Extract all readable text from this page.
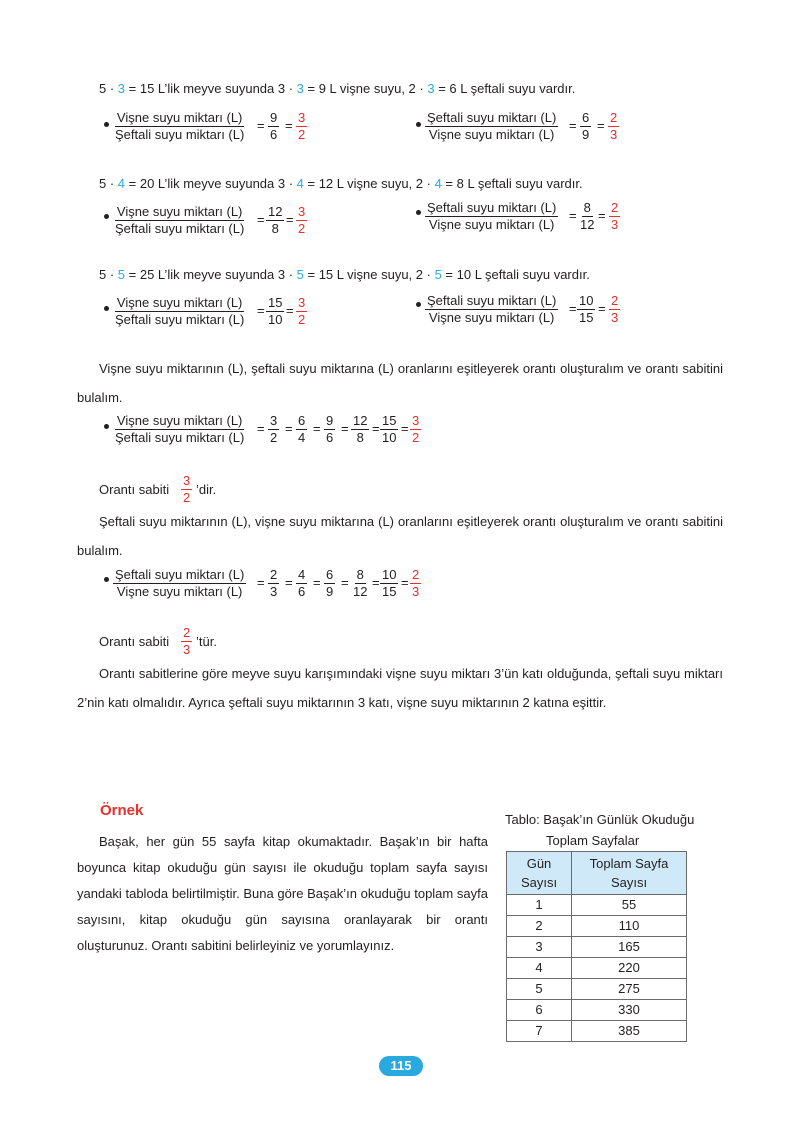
5 · 3 = 15 L’lik meyve suyunda 3 · 3 = 9 L vişne suyu, 2 · 3 = 6 L şeftali suyu vardır.
Vişne suyu miktarı (L)
Şeftali suyu miktarı (L)
= $\frac{9}{6} = \frac{3}{2}$	Şeftali suyu miktarı (L)
Vişne suyu miktarı (L)
= $\frac{6}{9} = \frac{2}{3}$
5 · 4 = 20 L’lik meyve suyunda 3 · 4 = 12 L vişne suyu, 2 · 4 = 8 L şeftali suyu vardır.
Vişne suyu miktarı (L)
Şeftali suyu miktarı (L)
= $\frac{12}{8} = \frac{3}{2}$	Şeftali suyu miktarı (L)
Vişne suyu miktarı (L)
= $\frac{8}{12} = \frac{2}{3}$
5 · 5 = 25 L’lik meyve suyunda 3 · 5 = 15 L vişne suyu, 2 · 5 = 10 L şeftali suyu vardır.
Vişne suyu miktarı (L)
Şeftali suyu miktarı (L)
= $\frac{15}{10} = \frac{3}{2}$	Şeftali suyu miktarı (L)
Vişne suyu miktarı (L)
= $\frac{10}{15} = \frac{2}{3}$
Vişne suyu miktarının (L), şeftali suyu miktarına (L) oranlarını eşitleyerek orantı oluşturalım ve orantı sabitini bulalım.
Vişne suyu miktarı (L)
Şeftali suyu miktarı (L)
= $\frac{3}{2} = \frac{6}{4} = \frac{9}{6} = \frac{12}{8} = \frac{15}{10} = \frac{3}{2}$
Orantı sabiti $\frac{3}{2}$ ’dir.
Şeftali suyu miktarının (L), vişne suyu miktarına (L) oranlarını eşitleyerek orantı oluşturalım ve orantı sabitini bulalım.
Şeftali suyu miktarı (L)
Vişne suyu miktarı (L)
= $\frac{2}{3} = \frac{4}{6} = \frac{6}{9} = \frac{8}{12} = \frac{10}{15} = \frac{2}{3}$
Orantı sabiti $\frac{2}{3}$ ’tür.
Orantı sabitlerine göre meyve suyu karışımındaki vişne suyu miktarı 3’ün katı olduğunda, şeftali suyu miktarı 2’nin katı olmalıdır. Ayrıca şeftali suyu miktarının 3 katı, vişne suyu miktarının 2 katına eşittir.
Örnek
Başak, her gün 55 sayfa kitap okumaktadır. Başak’ın bir hafta boyunca kitap okuduğu gün sayısı ile okuduğu toplam sayfa sayısı yandaki tabloda belirtilmiştir. Buna göre Başak’ın okuduğu toplam sayfa sayısını, kitap okuduğu gün sayısına oranlayarak bir orantı oluşturunuz. Orantı sabitini belirleyiniz ve yorumlayınız.
Tablo: Başak’ın Günlük Okuduğu
Toplam Sayfalar
Gün Sayısı	Toplam Sayfa Sayısı
1	55
2	110
3	165
4	220
5	275
6	330
7	385
115
